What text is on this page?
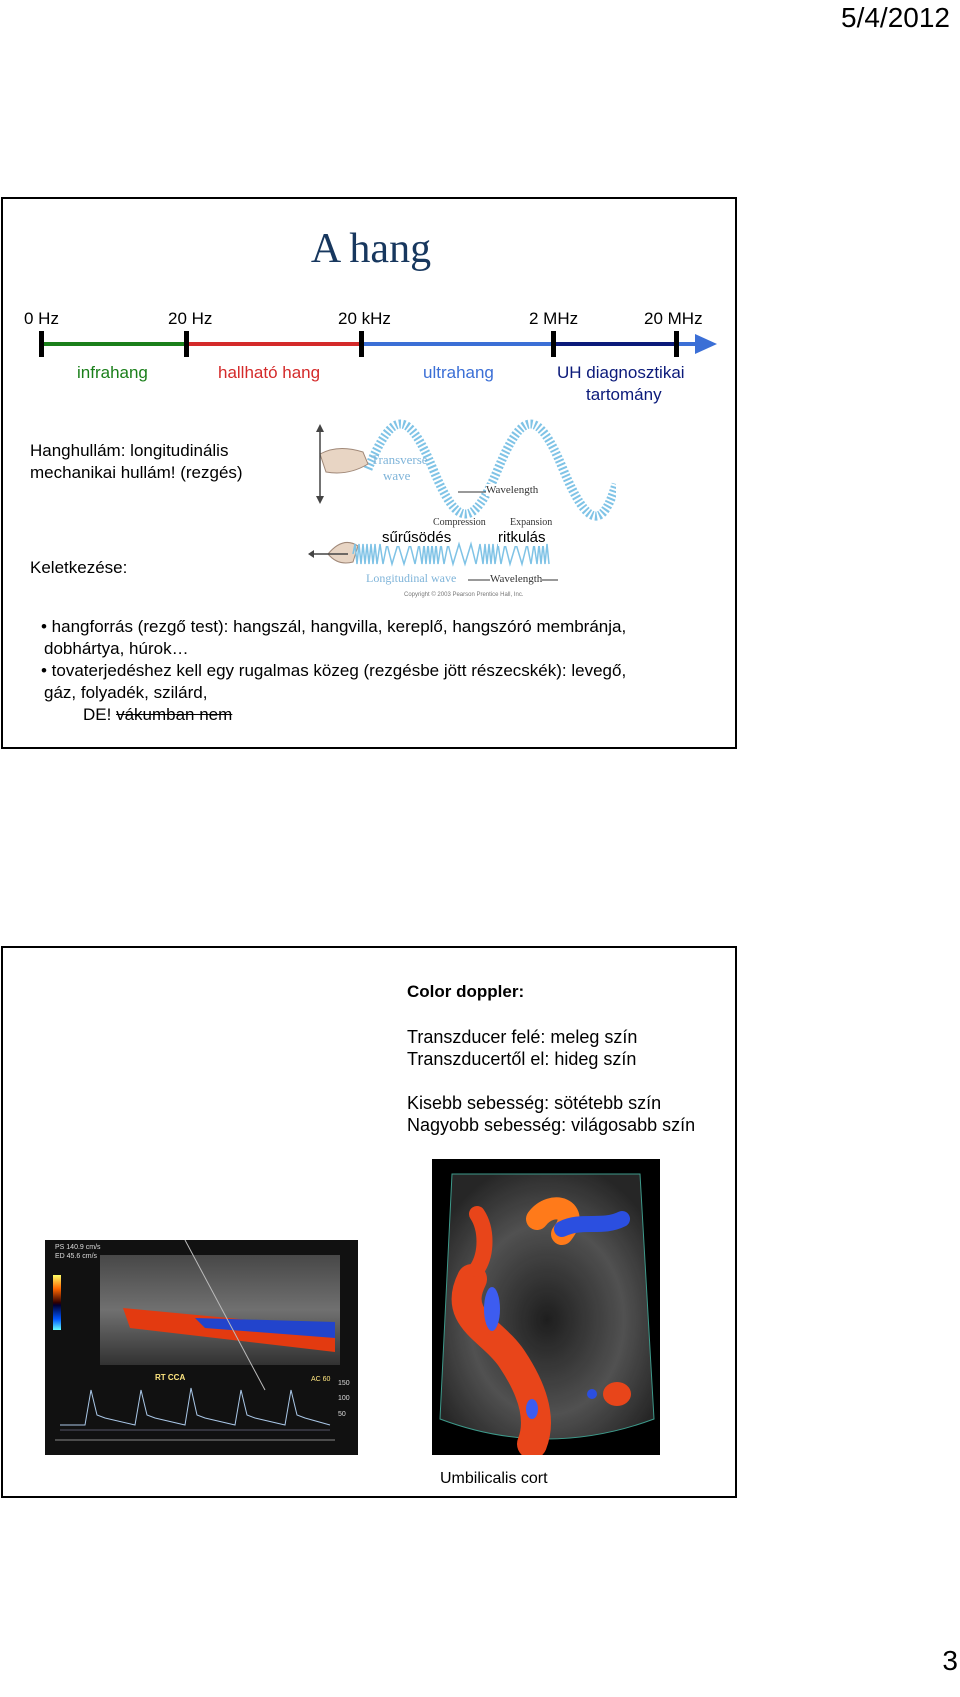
5/4/2012
A hang
0 Hz	20 Hz	20 kHz	2 MHz	20 MHz
infrahang	hallható hang	ultrahang	UH diagnosztikai
tartomány
Hanghullám: longitudinális
mechanikai hullám! (rezgés)
Keletkezése:
Transverse
wave
Wavelength
Compression Expansion
sűrűsödés	ritkulás
Longitudinal wave	Wavelength
Copyright © 2003 Pearson Prentice Hall, Inc.
• hangforrás (rezgő test): hangszál, hangvilla, kereplő, hangszóró membránja,
dobhártya, húrok…
• tovaterjedéshez kell egy rugalmas közeg (rezgésbe jött részecskék): levegő,
gáz, folyadék, szilárd,
DE! vákumban nem
Color doppler:
Transzducer felé: meleg szín
Transzducertől el: hideg szín
Kisebb sebesség: sötétebb szín
Nagyobb sebesség: világosabb szín
PS 140.9 cm/s
ED 45.6 cm/s
RT CCA	AC 60
150
100
50
Umbilicalis cort
3
